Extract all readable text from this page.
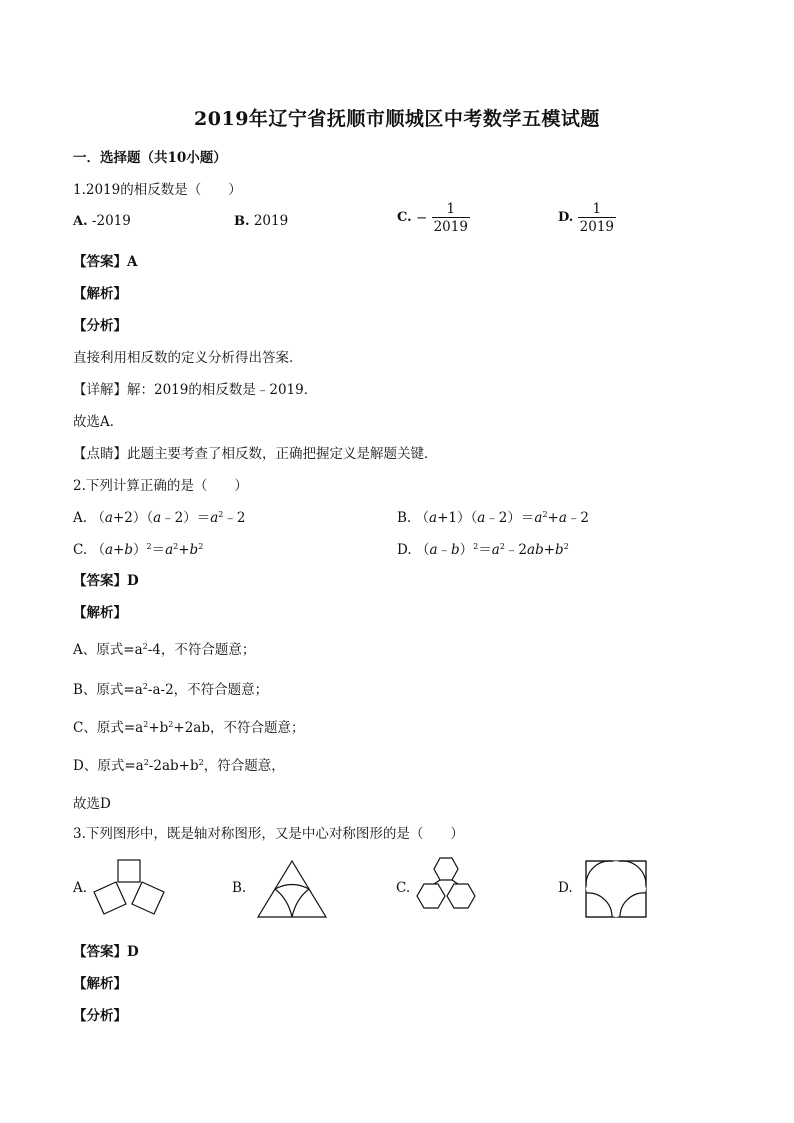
2019年辽宁省抚顺市顺城区中考数学五模试题
一．选择题（共10小题）
1.2019的相反数是（　　）
A. -2019	B. 2019	C. − $\frac{1}{2019}$	D. $\frac{1}{2019}$
【答案】A
【解析】
【分析】
直接利用相反数的定义分析得出答案．
【详解】解：2019的相反数是﹣2019．
故选A．
【点睛】此题主要考查了相反数，正确把握定义是解题关键．
2.下列计算正确的是（　　）
A. $(a+2)(a﹣2)=a^2﹣2$	B. $(a+1)(a﹣2)=a^2+a﹣2$
C. $(a+b)^2=a^2+b^2$	D. $(a﹣b)^2=a^2﹣2ab+b^2$
【答案】D
【解析】
A、原式$=a^2-4$，不符合题意；
B、原式$=a^2-a-2$，不符合题意；
C、原式$=a^2+b^2+2ab$，不符合题意；
D、原式$=a^2-2ab+b^2$，符合题意，
故选D
3.下列图形中，既是轴对称图形，又是中心对称图形的是（　　）
A.	B.	C.	D.
【答案】D
【解析】
【分析】
